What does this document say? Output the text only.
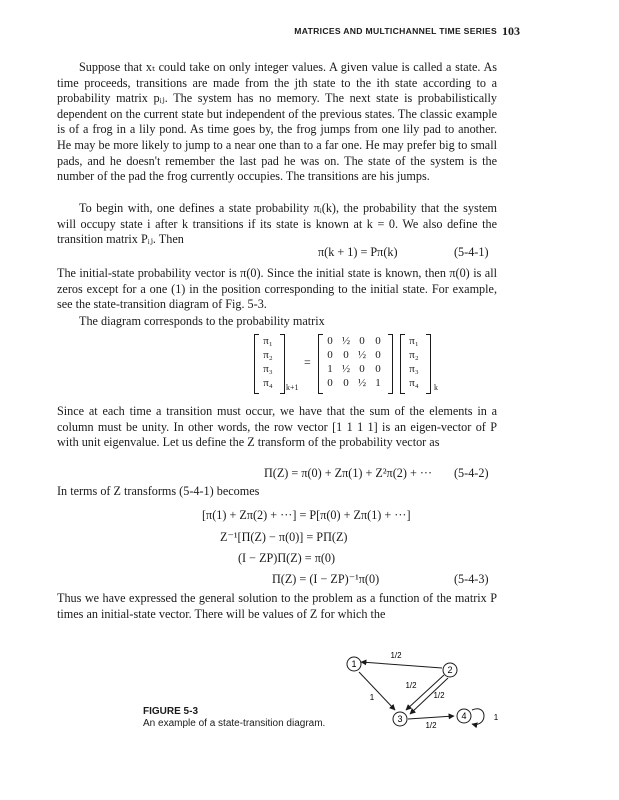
MATRICES AND MULTICHANNEL TIME SERIES 103
Suppose that xₜ could take on only integer values. A given value is called a state. As time proceeds, transitions are made from the jth state to the ith state according to a probability matrix pᵢⱼ. The system has no memory. The next state is probabilistically dependent on the current state but independent of the previous states. The classic example is of a frog in a lily pond. As time goes by, the frog jumps from one lily pad to another. He may be more likely to jump to a near one than to a far one. He may prefer big to small pads, and he doesn't remember the last pad he was on. The state of the system is the number of the pad the frog currently occupies. The transitions are his jumps.
To begin with, one defines a state probability πᵢ(k), the probability that the system will occupy state i after k transitions if its state is known at k = 0. We also define the transition matrix Pᵢⱼ. Then
π(k + 1) = Pπ(k)	(5-4-1)
The initial-state probability vector is π(0). Since the initial state is known, then π(0) is all zeros except for a one (1) in the position corresponding to the initial state. For example, see the state-transition diagram of Fig. 5-3.
The diagram corresponds to the probability matrix
π₁
π₂
π₃
π₄	k+1
=
0 ½ 0 0
0 0 ½ 0
1 ½ 0 0
0 0 ½ 1
π₁
π₂
π₃
π₄	k
Since at each time a transition must occur, we have that the sum of the elements in a column must be unity. In other words, the row vector [1 1 1 1] is an eigen-vector of P with unit eigenvalue. Let us define the Z transform of the probability vector as
Π(Z) = π(0) + Zπ(1) + Z²π(2) + ··· (5-4-2)
In terms of Z transforms (5-4-1) becomes
[π(1) + Zπ(2) + ···] = P[π(0) + Zπ(1) + ···]
Z⁻¹[Π(Z) − π(0)] = PΠ(Z)
(I − ZP)Π(Z) = π(0)
Π(Z) = (I − ZP)⁻¹π(0)	(5-4-3)
Thus we have expressed the general solution to the problem as a function of the matrix P times an initial-state vector. There will be values of Z for which the
FIGURE 5-3
An example of a state-transition diagram.
1
2
3	4
1/2
1/2
1/2
1
1/2
1
